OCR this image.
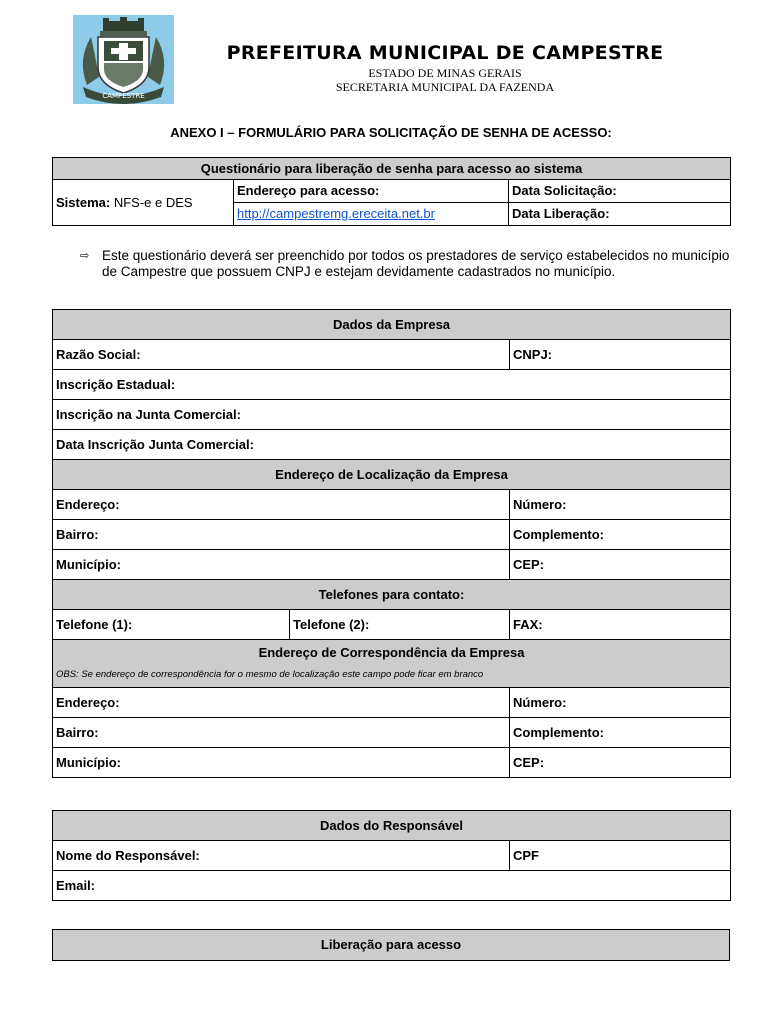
CAMPESTRE
PREFEITURA MUNICIPAL DE CAMPESTRE
ESTADO DE MINAS GERAIS
SECRETARIA MUNICIPAL DA FAZENDA
ANEXO I – FORMULÁRIO PARA SOLICITAÇÃO DE SENHA DE ACESSO:
Questionário para liberação de senha para acesso ao sistema		
Sistema: NFS-e e DES	Endereço para acesso:	Data Solicitação:
	http://campestremg.ereceita.net.br	Data Liberação:
⇨ Este questionário deverá ser preenchido por todos os prestadores de serviço estabelecidos no município de Campestre que possuem CNPJ e estejam devidamente cadastrados no município.
Dados da Empresa		
Razão Social:		CNPJ:
Inscrição Estadual:		
Inscrição na Junta Comercial:		
Data Inscrição Junta Comercial:		
Endereço de Localização da Empresa		
Endereço:		Número:
Bairro:		Complemento:
Município:		CEP:
Telefones para contato:		
Telefone (1):	Telefone (2):	FAX:

Endereço de Correspondência da Empresa
OBS: Se endereço de correspondência for o mesmo de localização este campo pode ficar em branco		

Endereço:		Número:
Bairro:		Complemento:
Município:		CEP:
Dados do Responsável
Nome do Responsável:	CPF
Email:
Liberação para acesso
